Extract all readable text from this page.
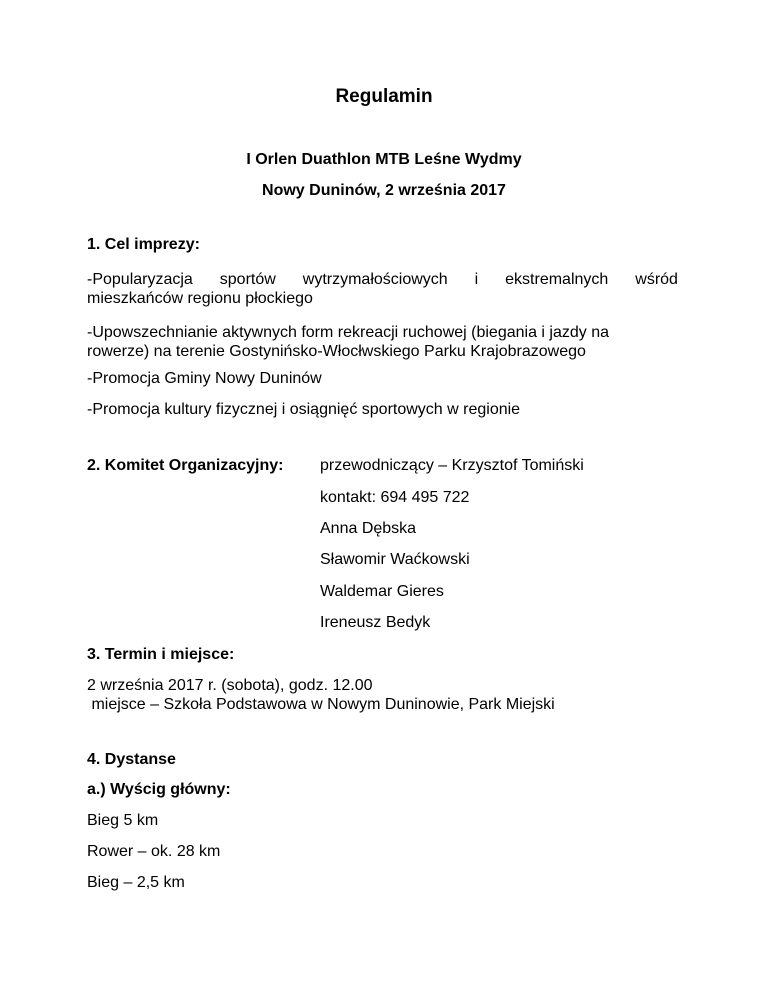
Regulamin

I Orlen Duathlon MTB Leśne Wydmy

Nowy Duninów, 2 września 2017

1. Cel imprezy:

-Popularyzacja sportów wytrzymałościowych i ekstremalnych wśród

mieszkańców regionu płockiego

-Upowszechnianie aktywnych form rekreacji ruchowej (biegania i jazdy na

rowerze) na terenie Gostynińsko-Włocłwskiego Parku Krajobrazowego

-Promocja Gminy Nowy Duninów

-Promocja kultury fizycznej i osiągnięć sportowych w regionie

2. Komitet Organizacyjny: przewodniczący – Krzysztof Tomiński
kontakt: 694 495 722
Anna Dębska
Sławomir Waćkowski
Waldemar Gieres
Ireneusz Bedyk

3. Termin i miejsce:

2 września 2017 r. (sobota), godz. 12.00

miejsce – Szkoła Podstawowa w Nowym Duninowie, Park Miejski

4. Dystanse

a.) Wyścig główny:

Bieg 5 km

Rower – ok. 28 km

Bieg – 2,5 km
